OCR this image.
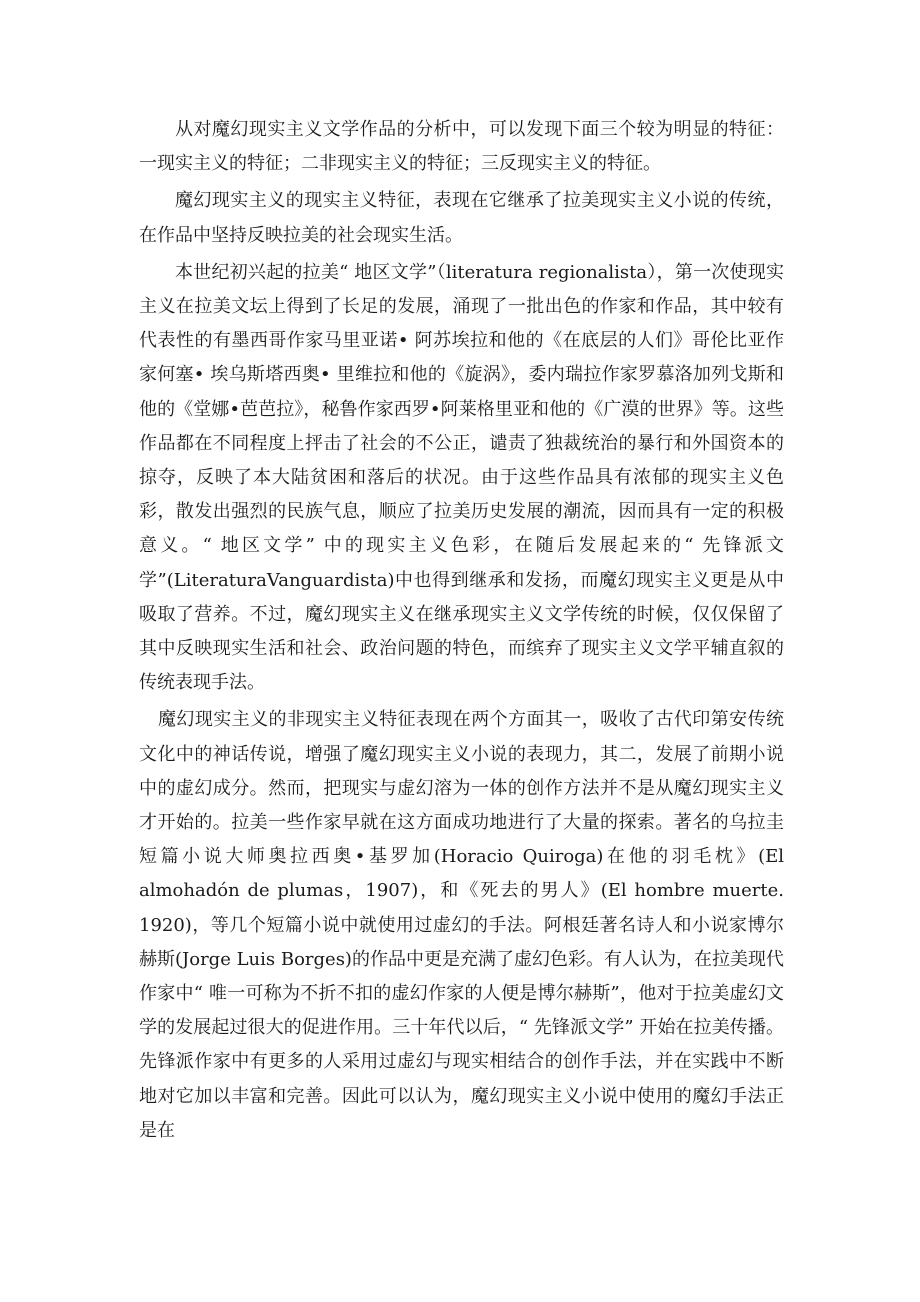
从对魔幻现实主义文学作品的分析中，可以发现下面三个较为明显的特征：一现实主义的特征；二非现实主义的特征；三反现实主义的特征。

魔幻现实主义的现实主义特征，表现在它继承了拉美现实主义小说的传统，在作品中坚持反映拉美的社会现实生活。

本世纪初兴起的拉美“ 地区文学”（literatura regionalista），第一次使现实主义在拉美文坛上得到了长足的发展，涌现了一批出色的作家和作品，其中较有代表性的有墨西哥作家马里亚诺• 阿苏埃拉和他的《在底层的人们》哥伦比亚作家何塞• 埃乌斯塔西奥• 里维拉和他的《旋涡》，委内瑞拉作家罗慕洛加列戈斯和他的《堂娜•芭芭拉》，秘鲁作家西罗•阿莱格里亚和他的《广漠的世界》等。这些作品都在不同程度上抨击了社会的不公正，谴责了独裁统治的暴行和外国资本的掠夺，反映了本大陆贫困和落后的状况。由于这些作品具有浓郁的现实主义色彩，散发出强烈的民族气息，顺应了拉美历史发展的潮流，因而具有一定的积极意义。“ 地区文学” 中的现实主义色彩，在随后发展起来的“ 先锋派文学”(LiteraturaVanguardista)中也得到继承和发扬，而魔幻现实主义更是从中吸取了营养。不过，魔幻现实主义在继承现实主义文学传统的时候，仅仅保留了其中反映现实生活和社会、政治问题的特色，而缤弃了现实主义文学平辅直叙的传统表现手法。

魔幻现实主义的非现实主义特征表现在两个方面其一，吸收了古代印第安传统文化中的神话传说，增强了魔幻现实主义小说的表现力，其二，发展了前期小说中的虚幻成分。然而，把现实与虚幻溶为一体的创作方法并不是从魔幻现实主义才开始的。拉美一些作家早就在这方面成功地进行了大量的探索。著名的乌拉圭短篇小说大师奥拉西奥•基罗加(Horacio Quiroga)在他的羽毛枕》(El almohadón de plumas，1907)，和《死去的男人》(El hombre muerte. 1920)，等几个短篇小说中就使用过虚幻的手法。阿根廷著名诗人和小说家博尔赫斯(Jorge Luis Borges)的作品中更是充满了虚幻色彩。有人认为，在拉美现代作家中“ 唯一可称为不折不扣的虚幻作家的人便是博尔赫斯”，他对于拉美虚幻文学的发展起过很大的促进作用。三十年代以后，“ 先锋派文学” 开始在拉美传播。先锋派作家中有更多的人采用过虚幻与现实相结合的创作手法，并在实践中不断地对它加以丰富和完善。因此可以认为，魔幻现实主义小说中使用的魔幻手法正是在
